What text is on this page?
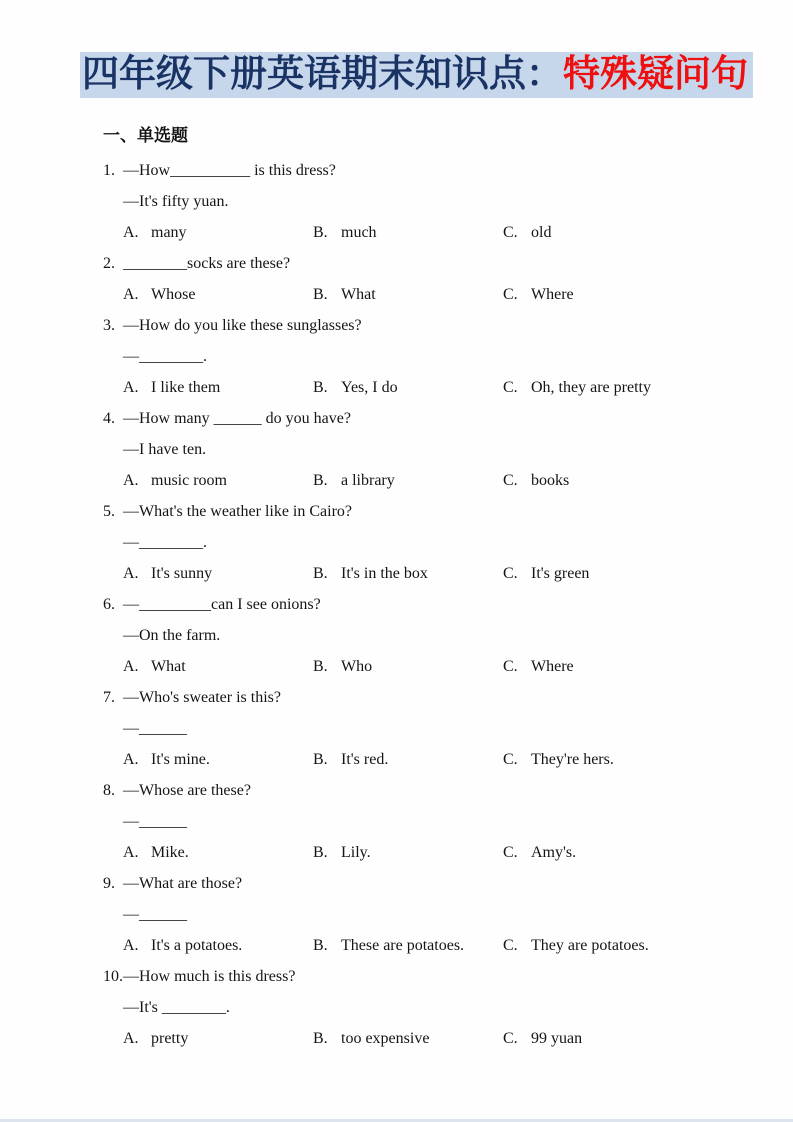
四年级下册英语期末知识点：特殊疑问句
一、单选题
1. —How__________ is this dress?
—It's fifty yuan.
A. many	B. much	C. old
2. ________socks are these?
A. Whose	B. What	C. Where
3. —How do you like these sunglasses?
—________.
A. I like them	B. Yes, I do	C. Oh, they are pretty
4. —How many ______ do you have?
—I have ten.
A. music room	B. a library	C. books
5. —What's the weather like in Cairo?
—________.
A. It's sunny	B. It's in the box	C. It's green
6. —_________can I see onions?
—On the farm.
A. What	B. Who	C. Where
7. —Who's sweater is this?
—______
A. It's mine.	B. It's red.	C. They're hers.
8. —Whose are these?
—______
A. Mike.	B. Lily.	C. Amy's.
9. —What are those?
—______
A. It's a potatoes.	B. These are potatoes. C. They are potatoes.
10.—How much is this dress?
—It's ________.
A. pretty	B. too expensive	C. 99 yuan
